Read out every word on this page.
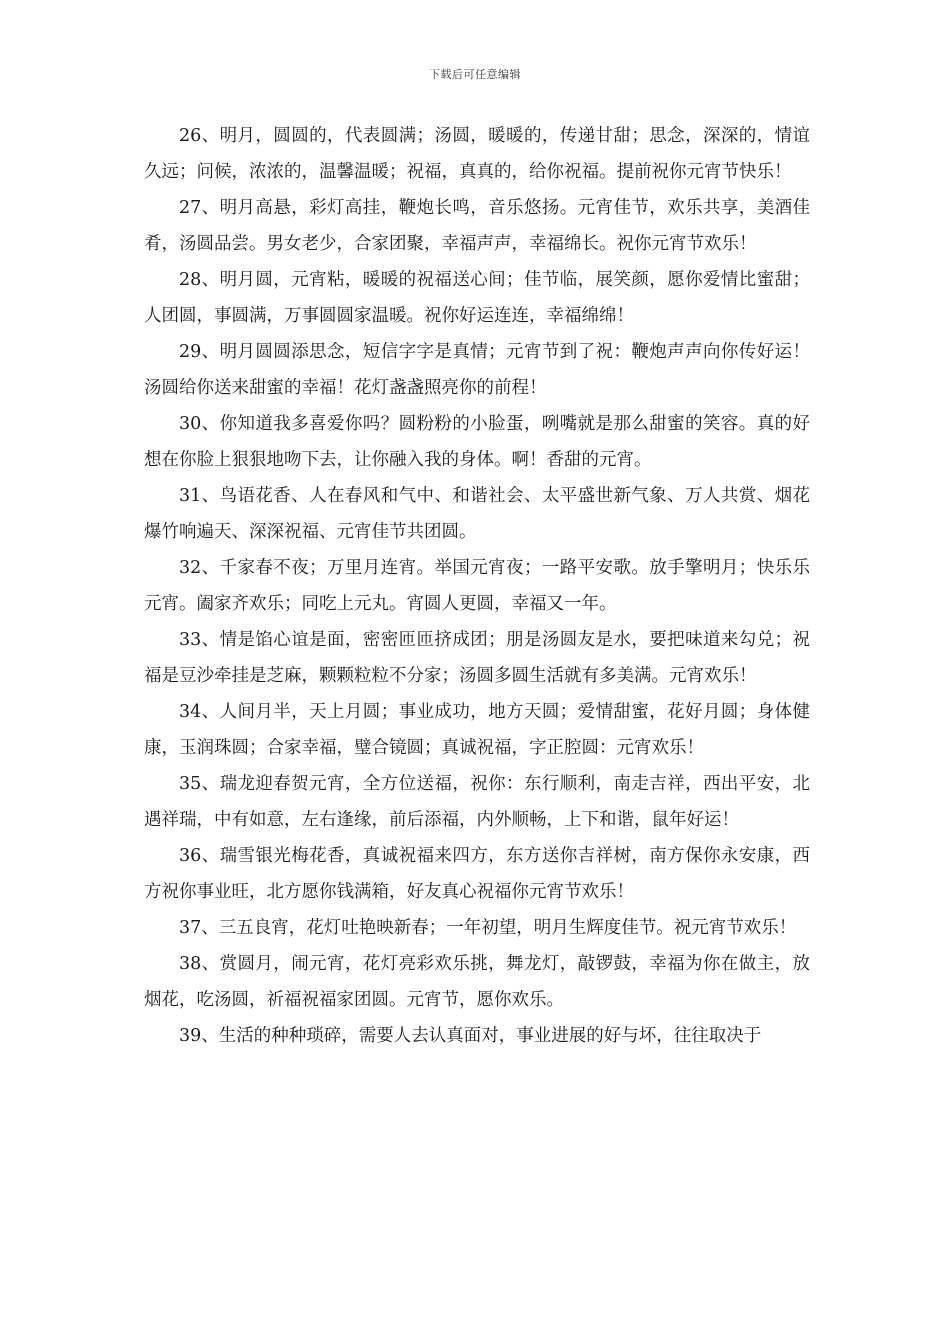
下载后可任意编辑

26、明月，圆圆的，代表圆满；汤圆，暖暖的，传递甘甜；思念，深深的，情谊久远；问候，浓浓的，温馨温暖；祝福，真真的，给你祝福。提前祝你元宵节快乐！

27、明月高悬，彩灯高挂，鞭炮长鸣，音乐悠扬。元宵佳节，欢乐共享，美酒佳肴，汤圆品尝。男女老少，合家团聚，幸福声声，幸福绵长。祝你元宵节欢乐！

28、明月圆，元宵粘，暖暖的祝福送心间；佳节临，展笑颜，愿你爱情比蜜甜；人团圆，事圆满，万事圆圆家温暖。祝你好运连连，幸福绵绵！

29、明月圆圆添思念，短信字字是真情；元宵节到了祝：鞭炮声声向你传好运！汤圆给你送来甜蜜的幸福！花灯盏盏照亮你的前程！

30、你知道我多喜爱你吗？圆粉粉的小脸蛋，咧嘴就是那么甜蜜的笑容。真的好想在你脸上狠狠地吻下去，让你融入我的身体。啊！香甜的元宵。

31、鸟语花香、人在春风和气中、和谐社会、太平盛世新气象、万人共赏、烟花爆竹响遍天、深深祝福、元宵佳节共团圆。

32、千家春不夜；万里月连宵。举国元宵夜；一路平安歌。放手擎明月；快乐乐元宵。阖家齐欢乐；同吃上元丸。宵圆人更圆，幸福又一年。

33、情是馅心谊是面，密密匝匝挤成团；朋是汤圆友是水，要把味道来勾兑；祝福是豆沙牵挂是芝麻，颗颗粒粒不分家；汤圆多圆生活就有多美满。元宵欢乐！

34、人间月半，天上月圆；事业成功，地方天圆；爱情甜蜜，花好月圆；身体健康，玉润珠圆；合家幸福，璧合镜圆；真诚祝福，字正腔圆：元宵欢乐！

35、瑞龙迎春贺元宵，全方位送福，祝你：东行顺利，南走吉祥，西出平安，北遇祥瑞，中有如意，左右逢缘，前后添福，内外顺畅，上下和谐，鼠年好运！

36、瑞雪银光梅花香，真诚祝福来四方，东方送你吉祥树，南方保你永安康，西方祝你事业旺，北方愿你钱满箱，好友真心祝福你元宵节欢乐！

37、三五良宵，花灯吐艳映新春；一年初望，明月生辉度佳节。祝元宵节欢乐！

38、赏圆月，闹元宵，花灯亮彩欢乐挑，舞龙灯，敲锣鼓，幸福为你在做主，放烟花，吃汤圆，祈福祝福家团圆。元宵节，愿你欢乐。

39、生活的种种琐碎，需要人去认真面对，事业进展的好与坏，往往取决于
